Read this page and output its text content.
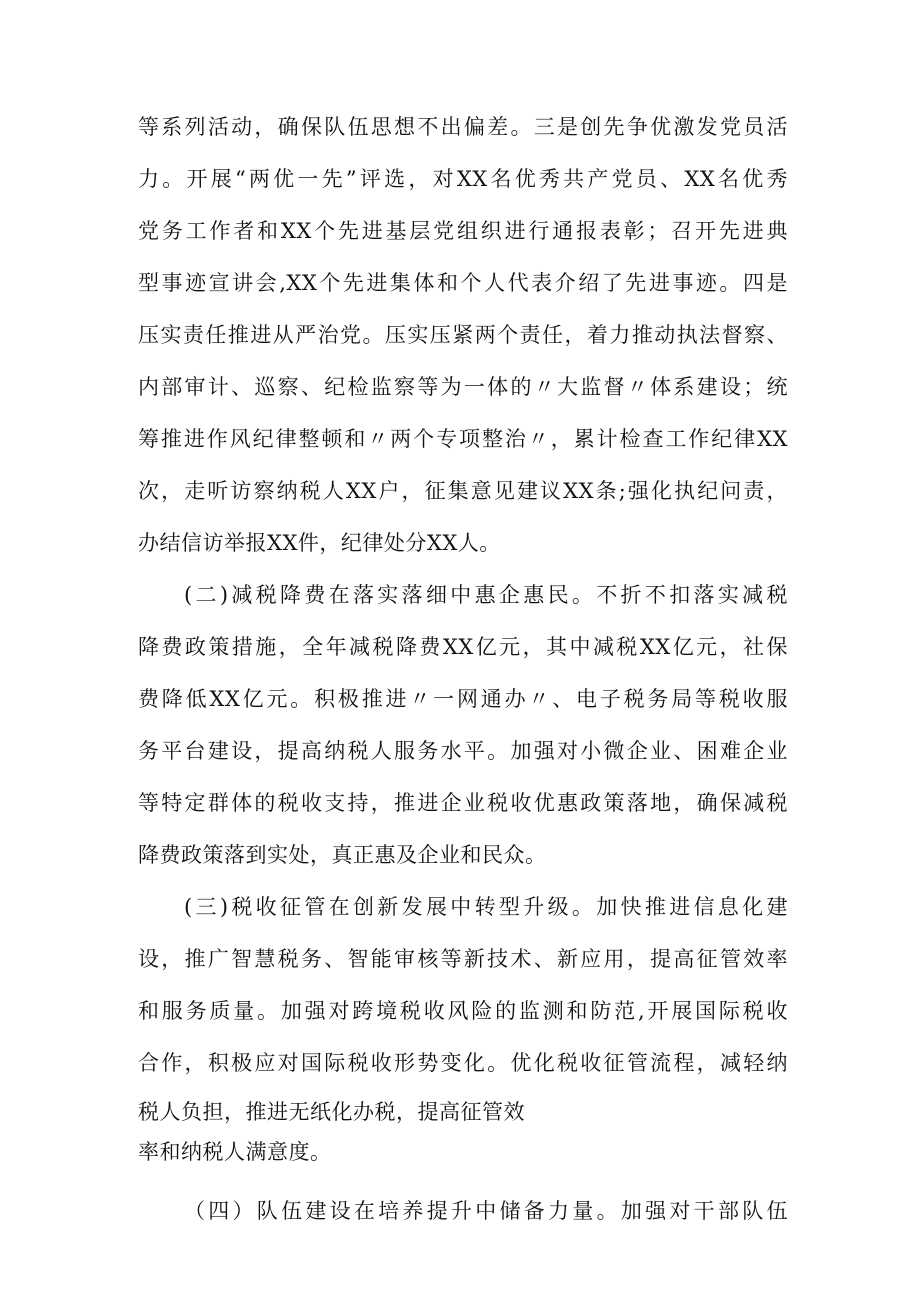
等系列活动，确保队伍思想不出偏差。三是创先争优激发党员活
力。开展“两优一先”评选，对XX名优秀共产党员、XX名优秀
党务工作者和XX个先进基层党组织进行通报表彰；召开先进典
型事迹宣讲会,XX个先进集体和个人代表介绍了先进事迹。四是
压实责任推进从严治党。压实压紧两个责任，着力推动执法督察、
内部审计、巡察、纪检监察等为一体的〃大监督〃体系建设；统
筹推进作风纪律整顿和〃两个专项整治〃，累计检查工作纪律XX
次，走听访察纳税人XX户，征集意见建议XX条;强化执纪问责，
办结信访举报XX件，纪律处分XX人。
(二)减税降费在落实落细中惠企惠民。不折不扣落实减税
降费政策措施，全年减税降费XX亿元，其中减税XX亿元，社保
费降低XX亿元。积极推进〃一网通办〃、电子税务局等税收服
务平台建设，提高纳税人服务水平。加强对小微企业、困难企业
等特定群体的税收支持，推进企业税收优惠政策落地，确保减税
降费政策落到实处，真正惠及企业和民众。
(三)税收征管在创新发展中转型升级。加快推进信息化建
设，推广智慧税务、智能审核等新技术、新应用，提高征管效率
和服务质量。加强对跨境税收风险的监测和防范,开展国际税收
合作，积极应对国际税收形势变化。优化税收征管流程，减轻纳
税人负担，推进无纸化办税，提高征管效
率和纳税人满意度。
（四）队伍建设在培养提升中储备力量。加强对干部队伍
